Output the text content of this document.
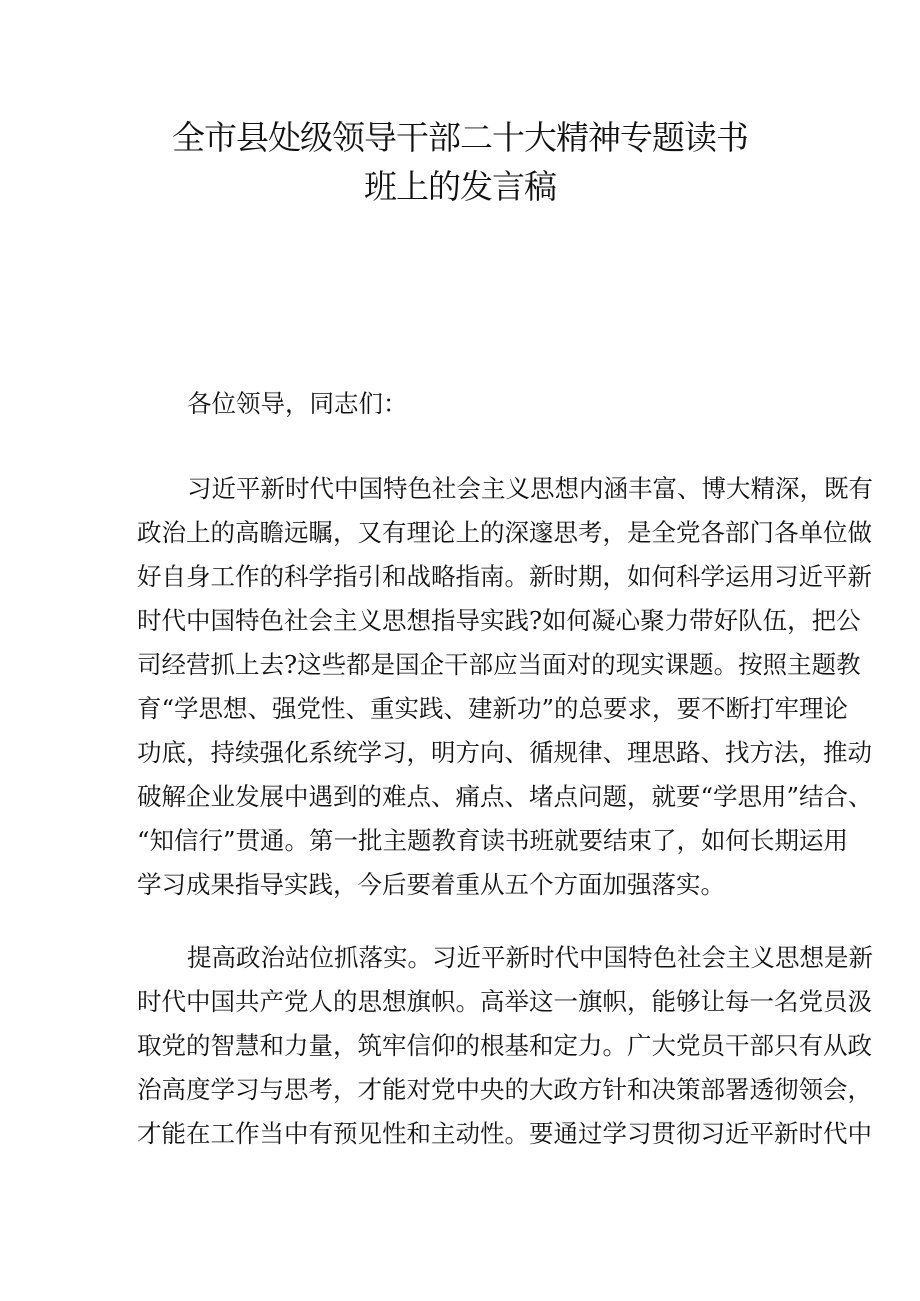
全市县处级领导干部二十大精神专题读书
班上的发言稿
各位领导，同志们：
习近平新时代中国特色社会主义思想内涵丰富、博大精深，既有
政治上的高瞻远瞩，又有理论上的深邃思考，是全党各部门各单位做
好自身工作的科学指引和战略指南。新时期，如何科学运用习近平新
时代中国特色社会主义思想指导实践?如何凝心聚力带好队伍，把公
司经营抓上去?这些都是国企干部应当面对的现实课题。按照主题教
育“学思想、强党性、重实践、建新功”的总要求，要不断打牢理论
功底，持续强化系统学习，明方向、循规律、理思路、找方法，推动
破解企业发展中遇到的难点、痛点、堵点问题，就要“学思用”结合、
“知信行”贯通。第一批主题教育读书班就要结束了，如何长期运用
学习成果指导实践，今后要着重从五个方面加强落实。
提高政治站位抓落实。习近平新时代中国特色社会主义思想是新
时代中国共产党人的思想旗帜。高举这一旗帜，能够让每一名党员汲
取党的智慧和力量，筑牢信仰的根基和定力。广大党员干部只有从政
治高度学习与思考，才能对党中央的大政方针和决策部署透彻领会，
才能在工作当中有预见性和主动性。要通过学习贯彻习近平新时代中
